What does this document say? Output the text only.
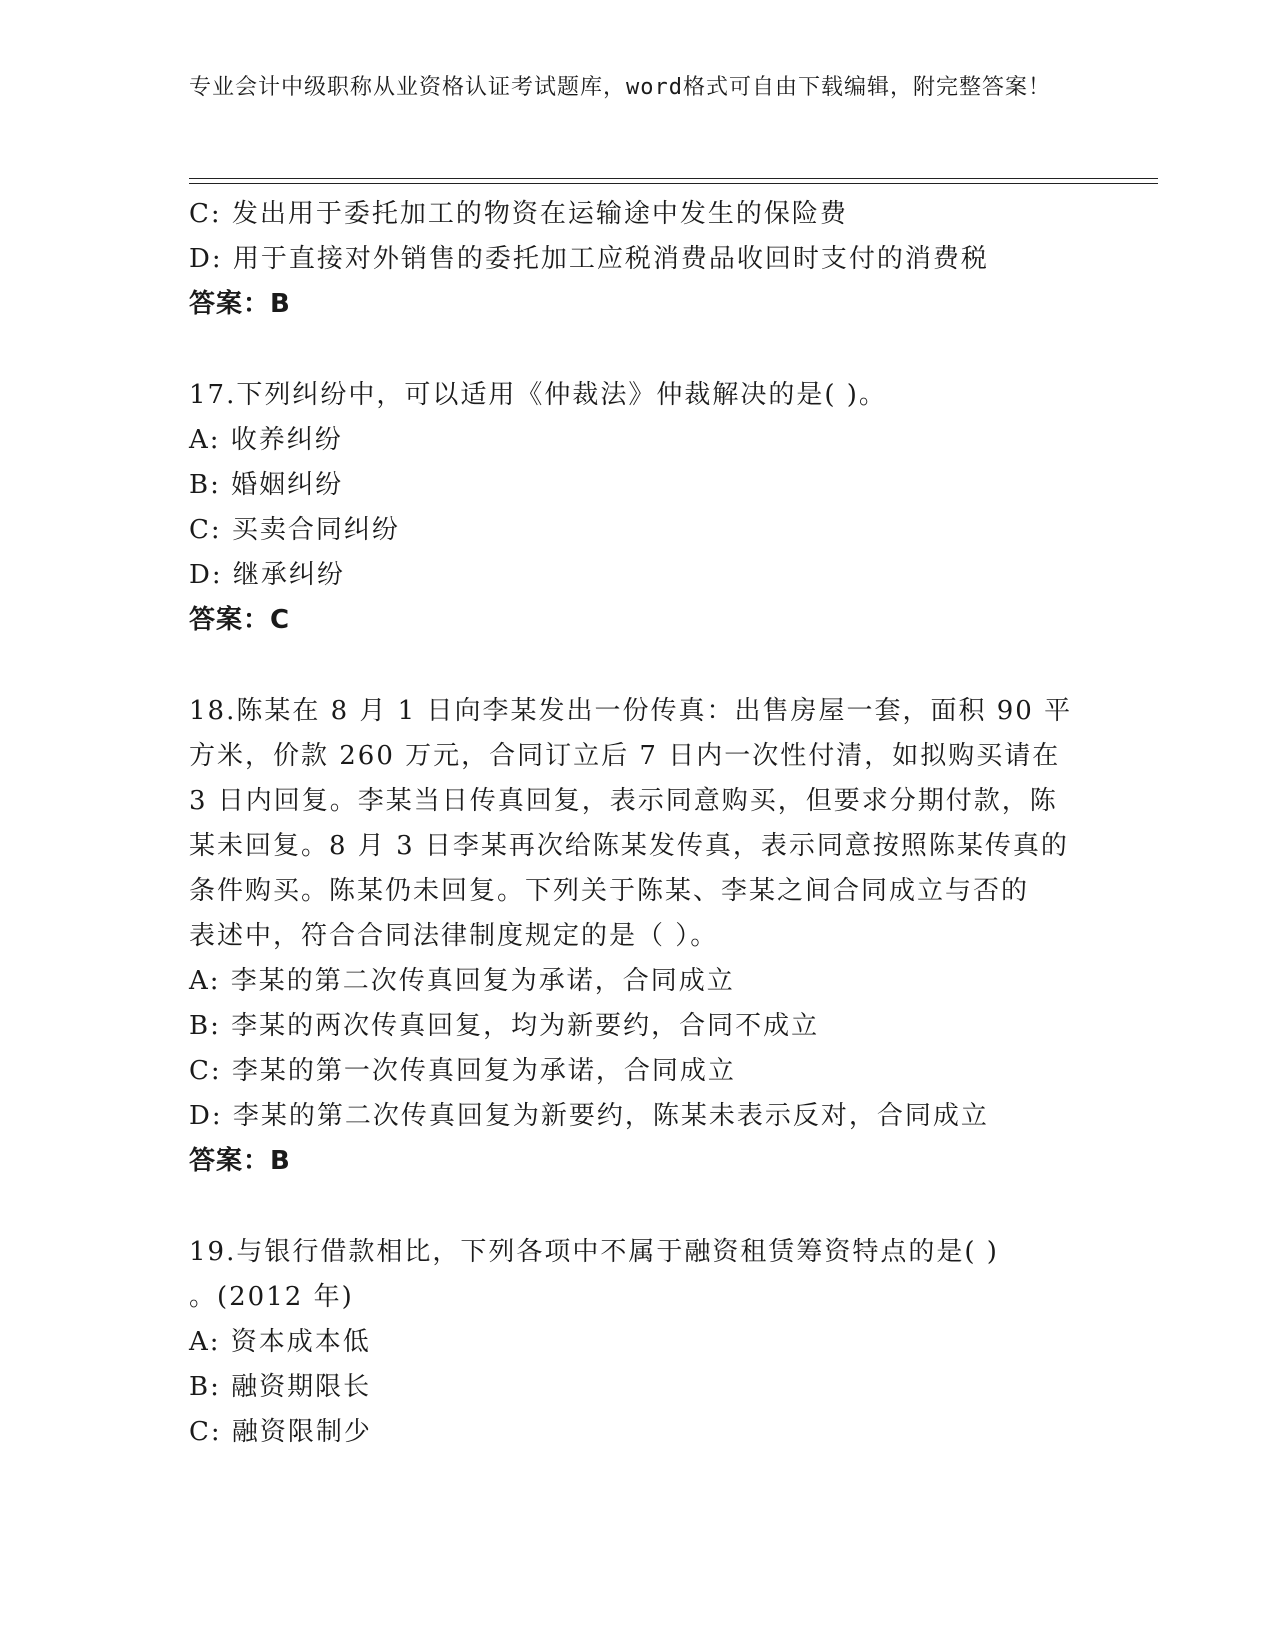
专业会计中级职称从业资格认证考试题库，word格式可自由下载编辑，附完整答案！
C: 发出用于委托加工的物资在运输途中发生的保险费
D: 用于直接对外销售的委托加工应税消费品收回时支付的消费税
答案：B
17.下列纠纷中，可以适用《仲裁法》仲裁解决的是( )。
A: 收养纠纷
B: 婚姻纠纷
C: 买卖合同纠纷
D: 继承纠纷
答案：C
18.陈某在 8 月 1 日向李某发出一份传真：出售房屋一套，面积 90 平
方米，价款 260 万元，合同订立后 7 日内一次性付清，如拟购买请在
3 日内回复。李某当日传真回复，表示同意购买，但要求分期付款，陈
某未回复。8 月 3 日李某再次给陈某发传真，表示同意按照陈某传真的
条件购买。陈某仍未回复。下列关于陈某、李某之间合同成立与否的
表述中，符合合同法律制度规定的是（ ）。
A: 李某的第二次传真回复为承诺，合同成立
B: 李某的两次传真回复，均为新要约，合同不成立
C: 李某的第一次传真回复为承诺，合同成立
D: 李某的第二次传真回复为新要约，陈某未表示反对，合同成立
答案：B
19.与银行借款相比，下列各项中不属于融资租赁筹资特点的是( )
。(2012 年)
A: 资本成本低
B: 融资期限长
C: 融资限制少
